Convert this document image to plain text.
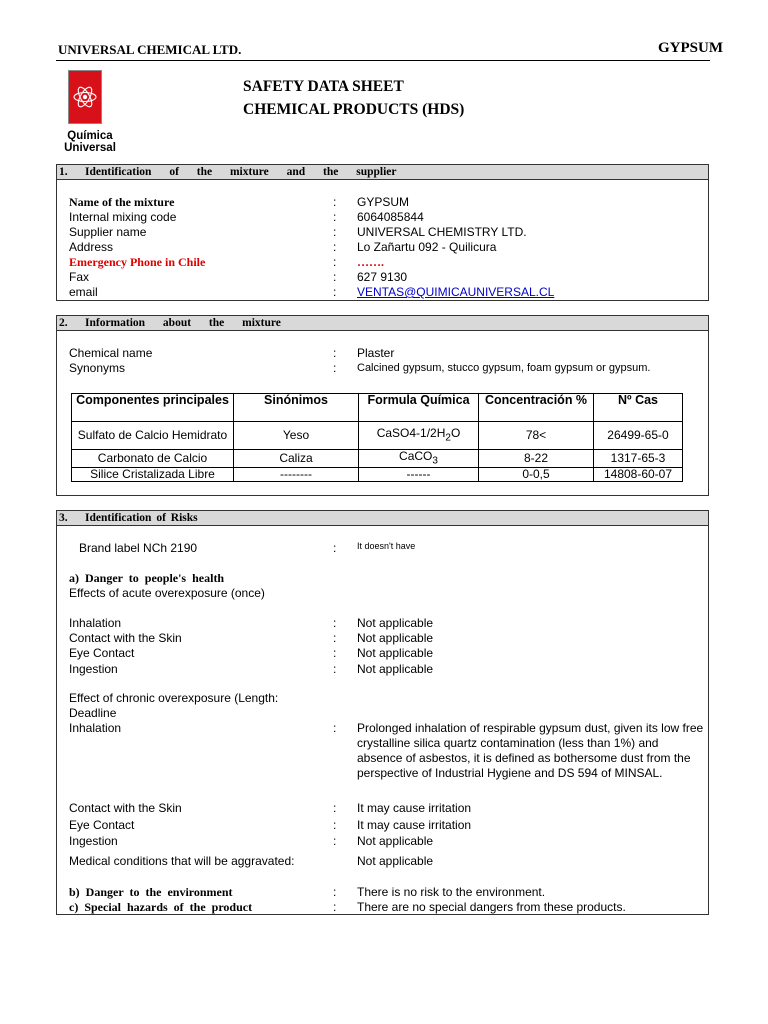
UNIVERSAL CHEMICAL LTD.	GYPSUM
Química
Universal
SAFETY DATA SHEET
CHEMICAL PRODUCTS (HDS)
1.	Identification of the mixture and the supplier
Name of the mixture	: GYPSUM
Internal mixing code	: 6064085844
Supplier name	: UNIVERSAL CHEMISTRY LTD.
Address	: Lo Zañartu 092 - Quilicura
Emergency Phone in Chile	: …….
Fax	: 627 9130
email	: VENTAS@QUIMICAUNIVERSAL.CL
2.	Information about the mixture
Chemical name	: Plaster
Synonyms	: Calcined gypsum, stucco gypsum, foam gypsum or gypsum.
Componentes principales	Sinónimos	Formula Química	Concentración %	Nº Cas
Sulfato de Calcio Hemidrato	Yeso	$CaSO4-1/2H_2O$	78<	26499-65-0
Carbonato de Calcio	Caliza	CaCO$_3$	8-22	1317-65-3
Silice Cristalizada Libre	--------	------	0-0,5	14808-60-07
3.	Identification of Risks
Brand label NCh 2190	: It doesn't have
a) Danger to people's health
Effects of acute overexposure (once)
Inhalation	: Not applicable
Contact with the Skin	: Not applicable
Eye Contact	: Not applicable
Ingestion	: Not applicable
Effect of chronic overexposure (Length:
Deadline
Inhalation	: Prolonged inhalation of respirable gypsum dust, given its low free crystalline silica quartz contamination (less than 1%) and absence of asbestos, it is defined as bothersome dust from the perspective of Industrial Hygiene and DS 594 of MINSAL.
Contact with the Skin	: It may cause irritation
Eye Contact	: It may cause irritation
Ingestion	: Not applicable
Medical conditions that will be aggravated:	Not applicable
b) Danger to the environment	: There is no risk to the environment.
c) Special hazards of the product	: There are no special dangers from these products.
